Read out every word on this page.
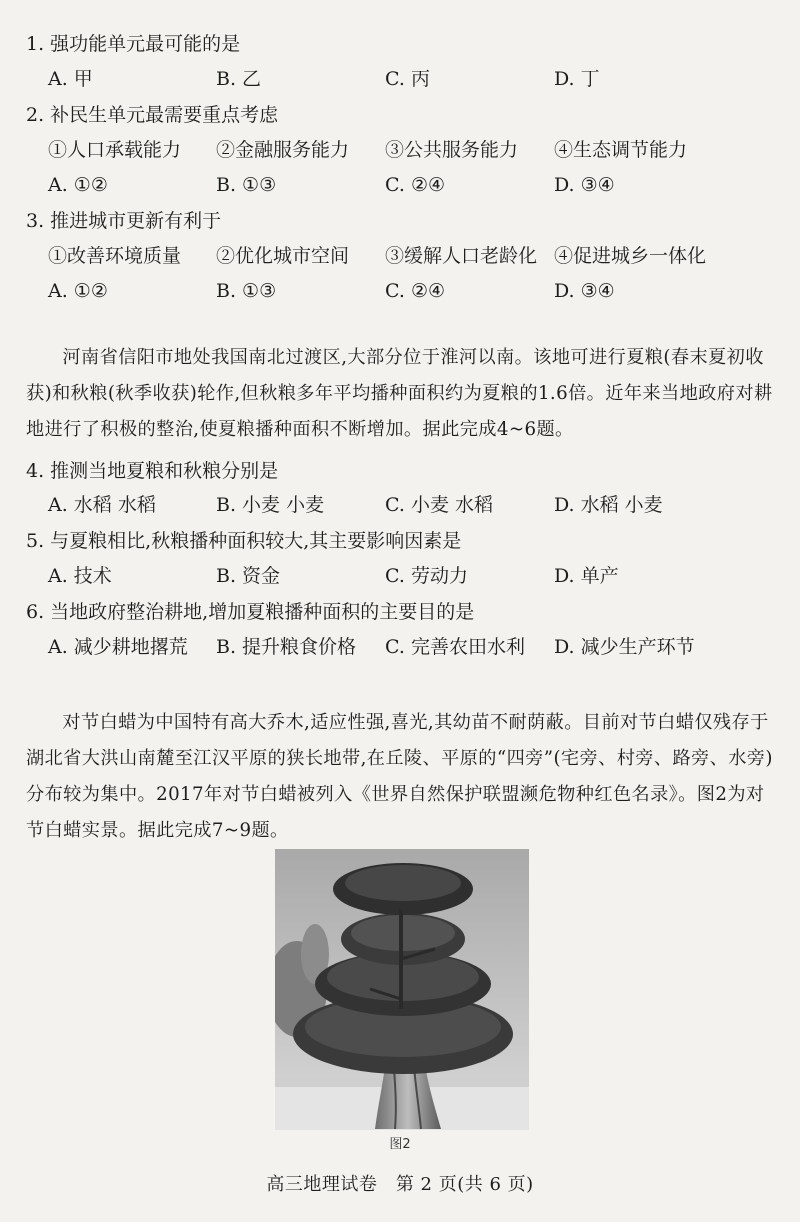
1. 强功能单元最可能的是
A. 甲	B. 乙	C. 丙	D. 丁
2. 补民生单元最需要重点考虑
①人口承载能力 ②金融服务能力 ③公共服务能力 ④生态调节能力
A. ①②	B. ①③	C. ②④	D. ③④
3. 推进城市更新有利于
①改善环境质量 ②优化城市空间 ③缓解人口老龄化 ④促进城乡一体化
A. ①②	B. ①③	C. ②④	D. ③④

河南省信阳市地处我国南北过渡区,大部分位于淮河以南。该地可进行夏粮(春末夏初收获)和秋粮(秋季收获)轮作,但秋粮多年平均播种面积约为夏粮的1.6倍。近年来当地政府对耕地进行了积极的整治,使夏粮播种面积不断增加。据此完成4~6题。

4. 推测当地夏粮和秋粮分别是
A. 水稻 水稻	B. 小麦 小麦	C. 小麦 水稻	D. 水稻 小麦
5. 与夏粮相比,秋粮播种面积较大,其主要影响因素是
A. 技术	B. 资金	C. 劳动力	D. 单产
6. 当地政府整治耕地,增加夏粮播种面积的主要目的是
A. 减少耕地撂荒 B. 提升粮食价格 C. 完善农田水利 D. 减少生产环节

对节白蜡为中国特有高大乔木,适应性强,喜光,其幼苗不耐荫蔽。目前对节白蜡仅残存于湖北省大洪山南麓至江汉平原的狭长地带,在丘陵、平原的“四旁”(宅旁、村旁、路旁、水旁)分布较为集中。2017年对节白蜡被列入《世界自然保护联盟濒危物种红色名录》。图2为对节白蜡实景。据此完成7~9题。

图2
高三地理试卷　第 2 页(共 6 页)
